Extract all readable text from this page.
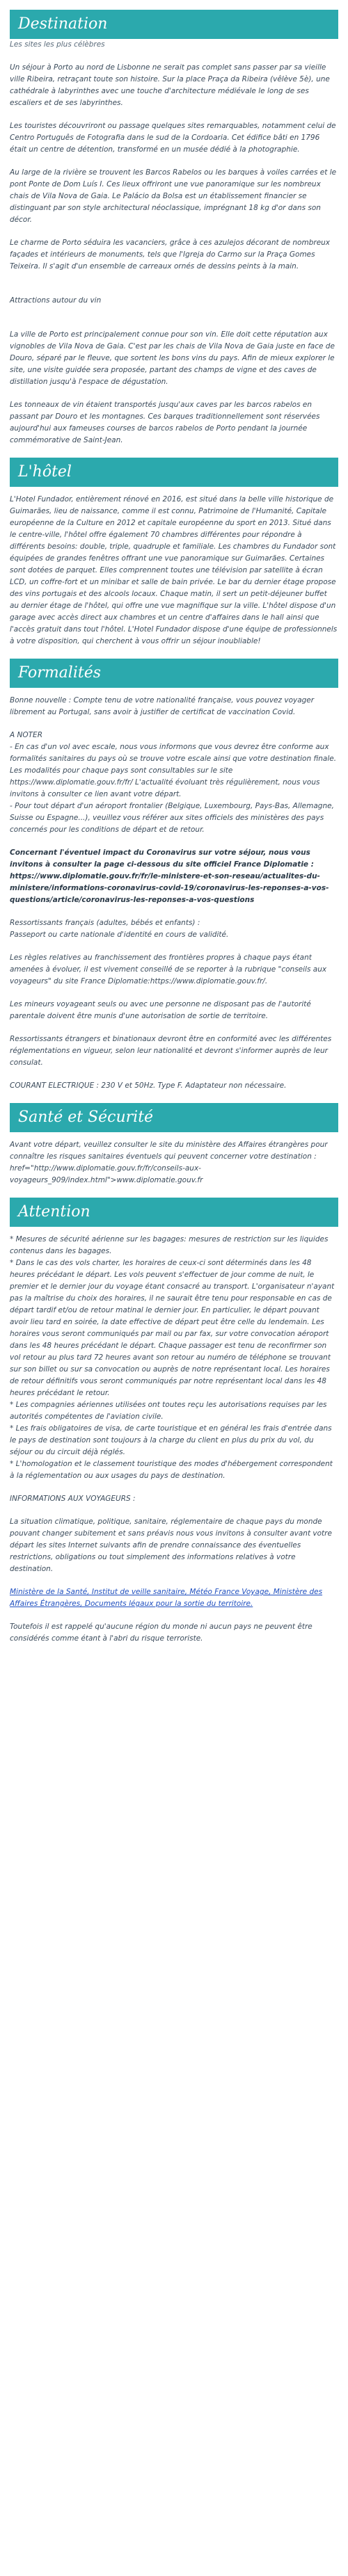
Destination

Les sites les plus célèbres

Un séjour à Porto au nord de Lisbonne ne serait pas complet sans passer par sa vieille ville Ribeira, retraçant toute son histoire. Sur la place Praça da Ribeira (vêlève 5è), une cathédrale à labyrinthes avec une touche d'architecture médiévale le long de ses escaliers et de ses labyrinthes.

Les touristes découvriront ou passage quelques sites remarquables, notamment celui de Centro Português de Fotografia dans le sud de la Cordoaria. Cet édifice bâti en 1796 était un centre de détention, transformé en un musée dédié à la photographie.

Au large de la rivière se trouvent les Barcos Rabelos ou les barques à voiles carrées et le pont Ponte de Dom Luís I. Ces lieux offriront une vue panoramique sur les nombreux chais de Vila Nova de Gaia. Le Palácio da Bolsa est un établissement financier se distinguant par son style architectural néoclassique, imprégnant 18 kg d'or dans son décor.

Le charme de Porto séduira les vacanciers, grâce à ces azulejos décorant de nombreux façades et intérieurs de monuments, tels que l'Igreja do Carmo sur la Praça Gomes Teixeira. Il s'agit d'un ensemble de carreaux ornés de dessins peints à la main.

Attractions autour du vin

La ville de Porto est principalement connue pour son vin. Elle doit cette réputation aux vignobles de Vila Nova de Gaia. C'est par les chais de Vila Nova de Gaia juste en face de Douro, séparé par le fleuve, que sortent les bons vins du pays. Afin de mieux explorer le site, une visite guidée sera proposée, partant des champs de vigne et des caves de distillation jusqu'à l'espace de dégustation.

Les tonneaux de vin étaient transportés jusqu'aux caves par les barcos rabelos en passant par Douro et les montagnes. Ces barques traditionnellement sont réservées aujourd'hui aux fameuses courses de barcos rabelos de Porto pendant la journée commémorative de Saint-Jean.

L'hôtel

L'Hotel Fundador, entièrement rénové en 2016, est situé dans la belle ville historique de Guimarães, lieu de naissance, comme il est connu, Patrimoine de l'Humanité, Capitale européenne de la Culture en 2012 et capitale européenne du sport en 2013. Situé dans le centre-ville, l'hôtel offre également 70 chambres différentes pour répondre à différents besoins: double, triple, quadruple et familiale. Les chambres du Fundador sont équipées de grandes fenêtres offrant une vue panoramique sur Guimarães. Certaines sont dotées de parquet. Elles comprennent toutes une télévision par satellite à écran LCD, un coffre-fort et un minibar et salle de bain privée. Le bar du dernier étage propose des vins portugais et des alcools locaux. Chaque matin, il sert un petit-déjeuner buffet au dernier étage de l'hôtel, qui offre une vue magnifique sur la ville. L'hôtel dispose d'un garage avec accès direct aux chambres et un centre d'affaires dans le hall ainsi que l'accès gratuit dans tout l'hôtel. L'Hotel Fundador dispose d'une équipe de professionnels à votre disposition, qui cherchent à vous offrir un séjour inoubliable!

Formalités

Bonne nouvelle : Compte tenu de votre nationalité française, vous pouvez voyager librement au Portugal, sans avoir à justifier de certificat de vaccination Covid.

A NOTER
- En cas d'un vol avec escale, nous vous informons que vous devrez être conforme aux formalités sanitaires du pays où se trouve votre escale ainsi que votre destination finale.
Les modalités pour chaque pays sont consultables sur le site https://www.diplomatie.gouv.fr/fr/ L'actualité évoluant très régulièrement, nous vous invitons à consulter ce lien avant votre départ.
- Pour tout départ d'un aéroport frontalier (Belgique, Luxembourg, Pays-Bas, Allemagne, Suisse ou Espagne...), veuillez vous référer aux sites officiels des ministères des pays concernés pour les conditions de départ et de retour.

Concernant l'éventuel impact du Coronavirus sur votre séjour, nous vous invitons à consulter la page ci-dessous du site officiel France Diplomatie : https://www.diplomatie.gouv.fr/fr/le-ministere-et-son-reseau/actualites-du-ministere/informations-coronavirus-covid-19/coronavirus-les-reponses-a-vos-questions/article/coronavirus-les-reponses-a-vos-questions

Ressortissants français (adultes, bébés et enfants) :
Passeport ou carte nationale d'identité en cours de validité.

Les règles relatives au franchissement des frontières propres à chaque pays étant amenées à évoluer, il est vivement conseillé de se reporter à la rubrique "conseils aux voyageurs" du site France Diplomatie:https://www.diplomatie.gouv.fr/.

Les mineurs voyageant seuls ou avec une personne ne disposant pas de l'autorité parentale doivent être munis d'une autorisation de sortie de territoire.

Ressortissants étrangers et binationaux devront être en conformité avec les différentes réglementations en vigueur, selon leur nationalité et devront s'informer auprès de leur consulat.

COURANT ELECTRIQUE : 230 V et 50Hz. Type F. Adaptateur non nécessaire.

Santé et Sécurité

Avant votre départ, veuillez consulter le site du ministère des Affaires étrangères pour connaître les risques sanitaires éventuels qui peuvent concerner votre destination : href="http://www.diplomatie.gouv.fr/fr/conseils-aux-voyageurs_909/index.html">www.diplomatie.gouv.fr

Attention

* Mesures de sécurité aérienne sur les bagages: mesures de restriction sur les liquides contenus dans les bagages.
* Dans le cas des vols charter, les horaires de ceux-ci sont déterminés dans les 48 heures précédant le départ. Les vols peuvent s'effectuer de jour comme de nuit, le premier et le dernier jour du voyage étant consacré au transport. L'organisateur n'ayant pas la maîtrise du choix des horaires, il ne saurait être tenu pour responsable en cas de départ tardif et/ou de retour matinal le dernier jour. En particulier, le départ pouvant avoir lieu tard en soirée, la date effective de départ peut être celle du lendemain. Les horaires vous seront communiqués par mail ou par fax, sur votre convocation aéroport dans les 48 heures précédant le départ. Chaque passager est tenu de reconfirmer son vol retour au plus tard 72 heures avant son retour au numéro de téléphone se trouvant sur son billet ou sur sa convocation ou auprès de notre représentant local. Les horaires de retour définitifs vous seront communiqués par notre représentant local dans les 48 heures précédant le retour.
* Les compagnies aériennes utilisées ont toutes reçu les autorisations requises par les autorités compétentes de l'aviation civile.
* Les frais obligatoires de visa, de carte touristique et en général les frais d'entrée dans le pays de destination sont toujours à la charge du client en plus du prix du vol, du séjour ou du circuit déjà réglés.
* L'homologation et le classement touristique des modes d'hébergement correspondent à la réglementation ou aux usages du pays de destination.

INFORMATIONS AUX VOYAGEURS :

La situation climatique, politique, sanitaire, réglementaire de chaque pays du monde pouvant changer subitement et sans préavis nous vous invitons à consulter avant votre départ les sites Internet suivants afin de prendre connaissance des éventuelles restrictions, obligations ou tout simplement des informations relatives à votre destination.

Ministère de la Santé, Institut de veille sanitaire, Météo France Voyage, Ministère des Affaires Étrangères, Documents légaux pour la sortie du territoire.

Toutefois il est rappelé qu'aucune région du monde ni aucun pays ne peuvent être considérés comme étant à l'abri du risque terroriste.
